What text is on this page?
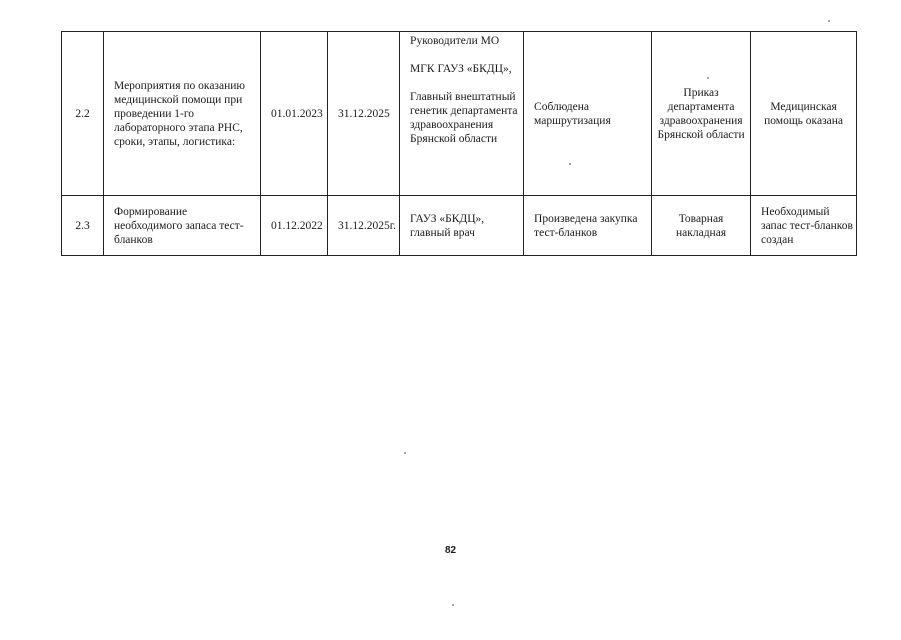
2.2	Мероприятия по оказанию медицинской помощи при проведении 1-го лабораторного этапа РНС, сроки, этапы, логистика:	01.01.2023	31.12.2025	Руководители МО
МГК ГАУЗ «БКДЦ»,
Главный внештатный генетик департамента здравоохранения Брянской области	Соблюдена маршрутизация	Приказ департамента здравоохранения Брянской области	Медицинская помощь оказана
2.3	Формирование необходимого запаса тест-бланков	01.12.2022	31.12.2025г.	ГАУЗ «БКДЦ», главный врач	Произведена закупка тест-бланков	Товарная накладная	Необходимый запас тест-бланков создан
82
